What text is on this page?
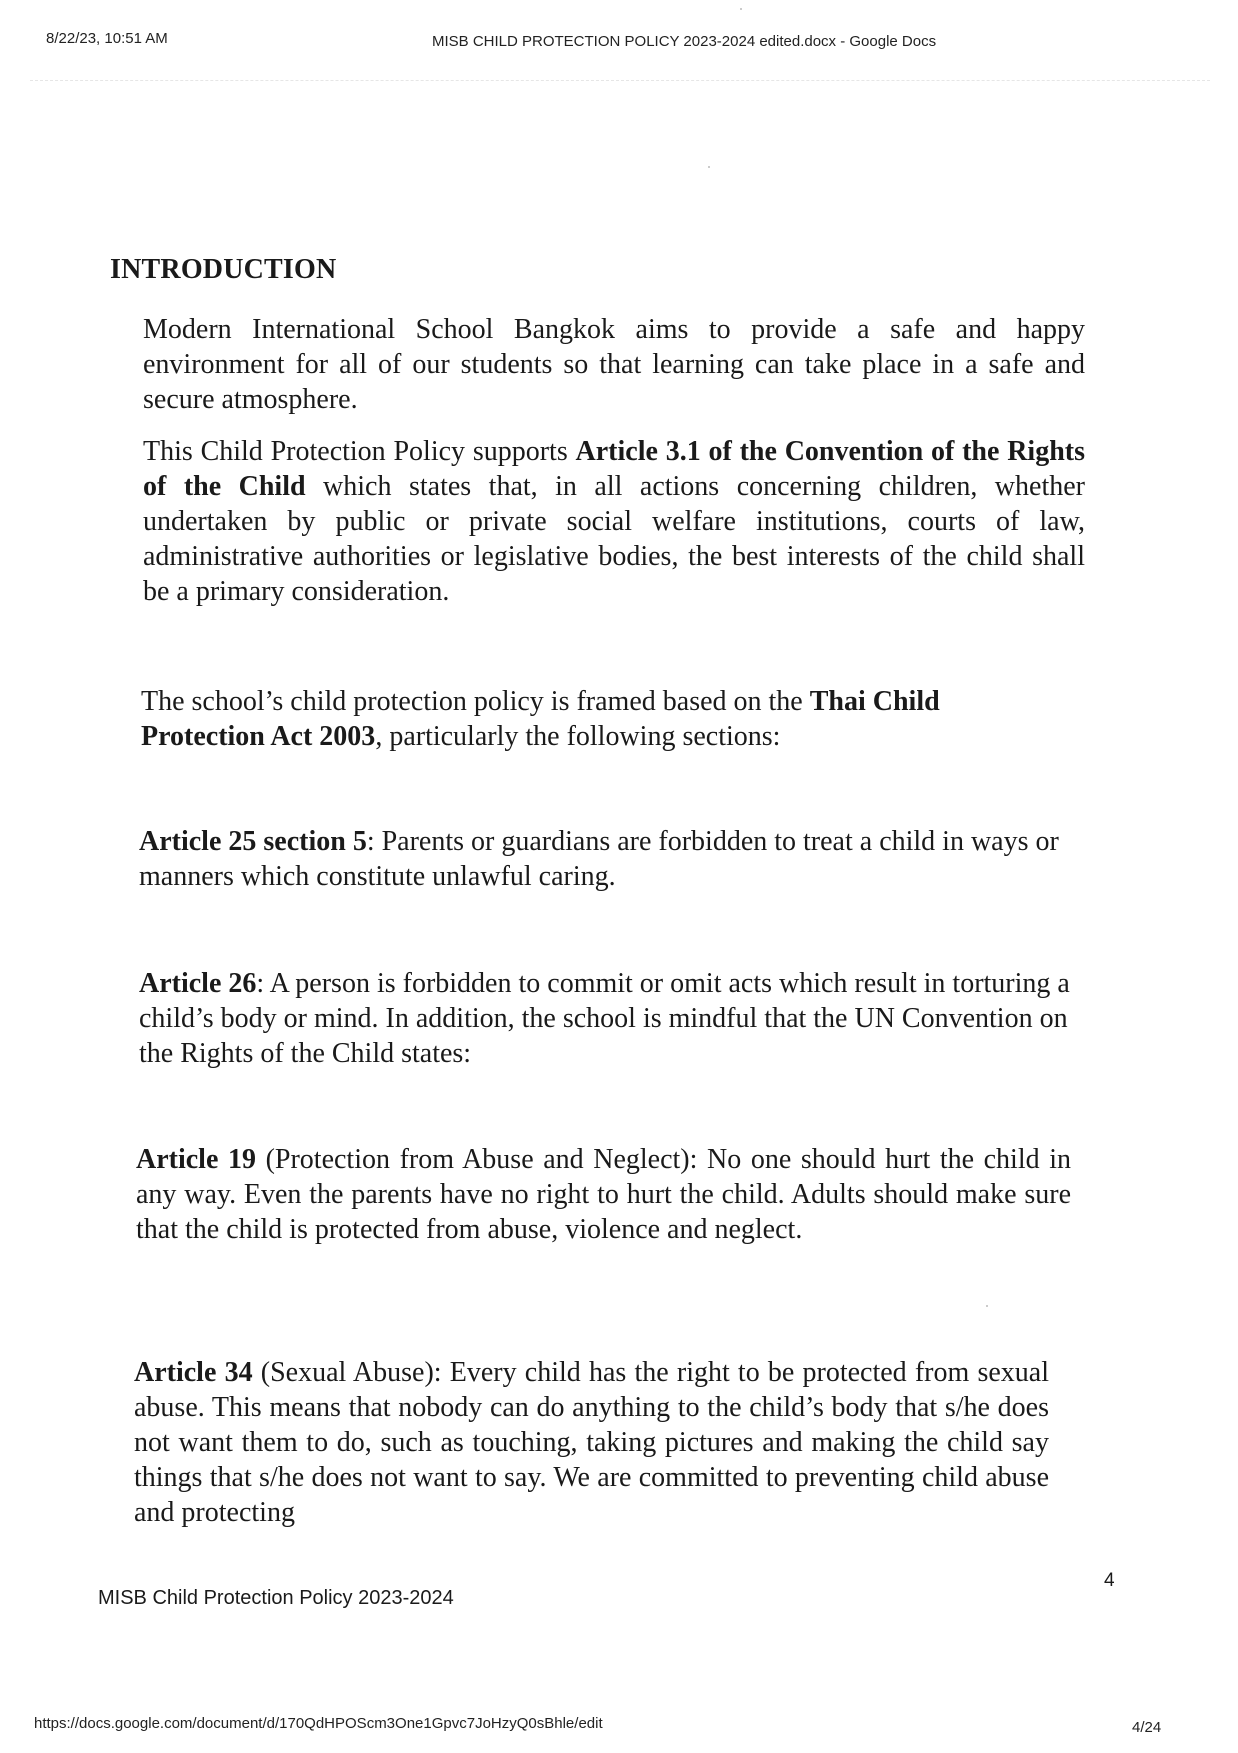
8/22/23, 10:51 AM	MISB CHILD PROTECTION POLICY 2023-2024 edited.docx - Google Docs
INTRODUCTION

Modern International School Bangkok aims to provide a safe and happy environment for all of our students so that learning can take place in a safe and secure atmosphere.

This Child Protection Policy supports Article 3.1 of the Convention of the Rights of the Child which states that, in all actions concerning children, whether undertaken by public or private social welfare institutions, courts of law, administrative authorities or legislative bodies, the best interests of the child shall be a primary consideration.

The school’s child protection policy is framed based on the Thai Child Protection Act 2003, particularly the following sections:

Article 25 section 5: Parents or guardians are forbidden to treat a child in ways or manners which constitute unlawful caring.

Article 26: A person is forbidden to commit or omit acts which result in torturing a child’s body or mind. In addition, the school is mindful that the UN Convention on the Rights of the Child states:

Article 19 (Protection from Abuse and Neglect): No one should hurt the child in any way. Even the parents have no right to hurt the child. Adults should make sure that the child is protected from abuse, violence and neglect.

Article 34 (Sexual Abuse): Every child has the right to be protected from sexual abuse. This means that nobody can do anything to the child’s body that s/he does not want them to do, such as touching, taking pictures and making the child say things that s/he does not want to say. We are committed to preventing child abuse and protecting

MISB Child Protection Policy 2023-2024
4
https://docs.google.com/document/d/170QdHPOScm3One1Gpvc7JoHzyQ0sBhle/edit	4/24
